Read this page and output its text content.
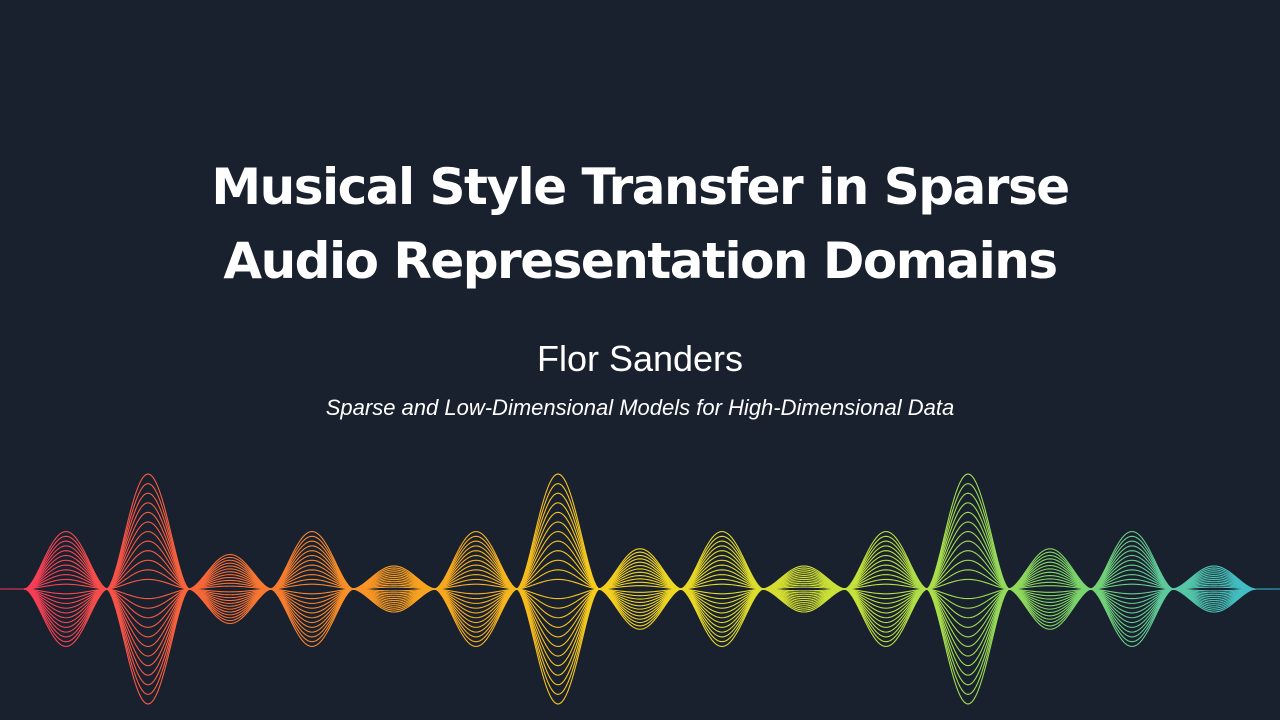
Musical Style Transfer in Sparse
Audio Representation Domains
Flor Sanders
Sparse and Low-Dimensional Models for High-Dimensional Data
